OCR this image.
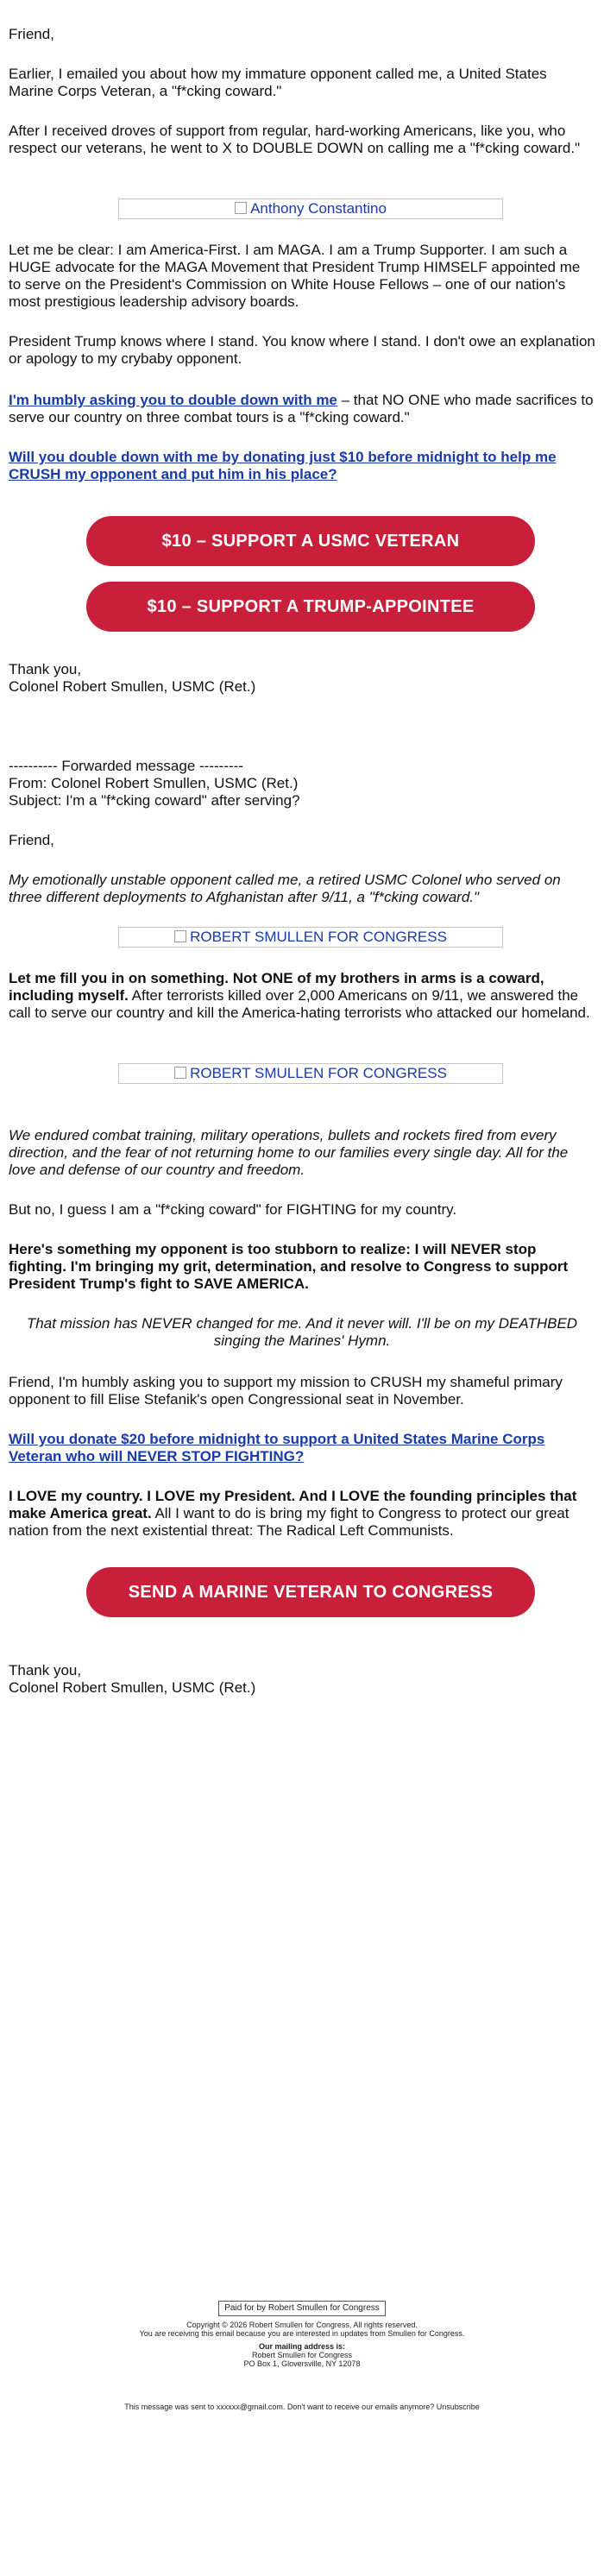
Friend,

Earlier, I emailed you about how my immature opponent called me, a United States Marine Corps Veteran, a "f*cking coward."

After I received droves of support from regular, hard-working Americans, like you, who respect our veterans, he went to X to DOUBLE DOWN on calling me a "f*cking coward."

Anthony Constantino

Let me be clear: I am America-First. I am MAGA. I am a Trump Supporter. I am such a HUGE advocate for the MAGA Movement that President Trump HIMSELF appointed me to serve on the President's Commission on White House Fellows – one of our nation's most prestigious leadership advisory boards.

President Trump knows where I stand. You know where I stand. I don't owe an explanation or apology to my crybaby opponent.

I'm humbly asking you to double down with me – that NO ONE who made sacrifices to serve our country on three combat tours is a "f*cking coward."

Will you double down with me by donating just $10 before midnight to help me CRUSH my opponent and put him in his place?

$10 – SUPPORT A USMC VETERAN
$10 – SUPPORT A TRUMP-APPOINTEE

Thank you,

Colonel Robert Smullen, USMC (Ret.)

---------- Forwarded message ---------

From: Colonel Robert Smullen, USMC (Ret.)

Subject: I'm a "f*cking coward" after serving?

Friend,

My emotionally unstable opponent called me, a retired USMC Colonel who served on three different deployments to Afghanistan after 9/11, a "f*cking coward."

ROBERT SMULLEN FOR CONGRESS

Let me fill you in on something. Not ONE of my brothers in arms is a coward, including myself. After terrorists killed over 2,000 Americans on 9/11, we answered the call to serve our country and kill the America-hating terrorists who attacked our homeland.

ROBERT SMULLEN FOR CONGRESS

We endured combat training, military operations, bullets and rockets fired from every direction, and the fear of not returning home to our families every single day. All for the love and defense of our country and freedom.

But no, I guess I am a "f*cking coward" for FIGHTING for my country.

Here's something my opponent is too stubborn to realize: I will NEVER stop fighting. I'm bringing my grit, determination, and resolve to Congress to support President Trump's fight to SAVE AMERICA.

That mission has NEVER changed for me. And it never will. I'll be on my DEATHBED singing the Marines' Hymn.

Friend, I'm humbly asking you to support my mission to CRUSH my shameful primary opponent to fill Elise Stefanik's open Congressional seat in November.

Will you donate $20 before midnight to support a United States Marine Corps Veteran who will NEVER STOP FIGHTING?

I LOVE my country. I LOVE my President. And I LOVE the founding principles that make America great. All I want to do is bring my fight to Congress to protect our great nation from the next existential threat: The Radical Left Communists.

SEND A MARINE VETERAN TO CONGRESS

Thank you,

Colonel Robert Smullen, USMC (Ret.)

Paid for by Robert Smullen for Congress
Copyright © 2026 Robert Smullen for Congress, All rights reserved.
You are receiving this email because you are interested in updates from Smullen for Congress.
Our mailing address is:
Robert Smullen for Congress
PO Box 1, Gloversville, NY 12078
This message was sent to xxxxxx@gmail.com. Don't want to receive our emails anymore? Unsubscribe
